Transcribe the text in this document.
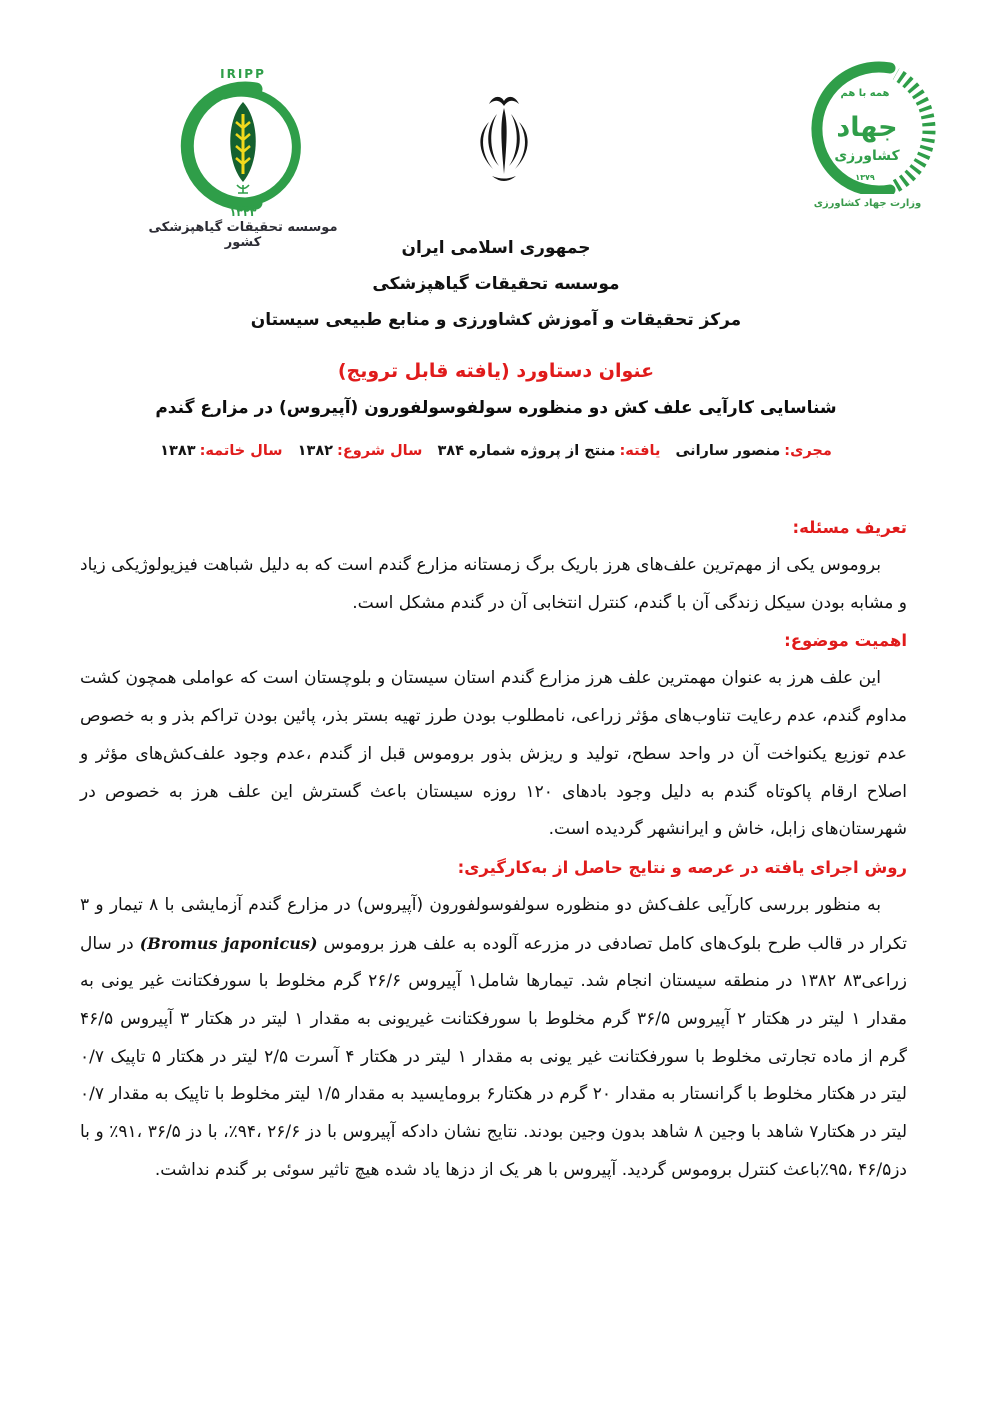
IRIPP
۱۳۲۳
موسسه تحقیقات گیاهپزشکی کشور
همه با هم
جهاد
کشاورزی
۱۳۷۹
وزارت جهاد کشاورزی
جمهوری اسلامی ایران
موسسه تحقیقات گیاهپزشکی
مرکز تحقیقات و آموزش کشاورزی و منابع طبیعی سیستان
عنوان دستاورد (یافته قابل ترویج)
شناسایی کارآیی علف کش دو منظوره سولفوسولفورون (آپیروس) در مزارع گندم
مجری:منصور سارانی یافته:منتج از پروژه شماره ۳۸۴ سال شروع:۱۳۸۲ سال خاتمه:۱۳۸۳
تعریف مسئله:

بروموس یکی از مهم‌ترین علف‌های هرز باریک برگ زمستانه مزارع گندم است که به دلیل شباهت فیزیولوژیکی زیاد و مشابه بودن سیکل زندگی آن با گندم، کنترل انتخابی آن در گندم مشکل است.

اهمیت موضوع:

این علف هرز به عنوان مهمترین علف هرز مزارع گندم استان سیستان و بلوچستان است که عواملی همچون کشت مداوم گندم، عدم رعایت تناوب‌های مؤثر زراعی، نامطلوب بودن طرز تهیه بستر بذر، پائین بودن تراکم بذر و به خصوص عدم توزیع یکنواخت آن در واحد سطح، تولید و ریزش بذور بروموس قبل از گندم ،عدم وجود علف‌کش‌های مؤثر و اصلاح ارقام پاکوتاه گندم به دلیل وجود بادهای ۱۲۰ روزه سیستان باعث گسترش این علف هرز به خصوص در شهرستان‌های زابل، خاش و ایرانشهر گردیده است.

روش اجرای یافته در عرصه و نتایج حاصل از به‌کارگیری:

به منظور بررسی کارآیی علف‌کش دو منظوره سولفوسولفورون (آپیروس) در مزارع گندم آزمایشی با ۸ تیمار و ۳ تکرار در قالب طرح بلوک‌های کامل تصادفی در مزرعه آلوده به علف هرز بروموس (Bromus japonicus) در سال زراعی۸۳ ۱۳۸۲ در منطقه سیستان انجام شد. تیمارها شامل۱ آپیروس ۲۶/۶ گرم مخلوط با سورفکتانت غیر یونی به مقدار ۱ لیتر در هکتار ۲ آپیروس ۳۶/۵ گرم مخلوط با سورفکتانت غیریونی به مقدار ۱ لیتر در هکتار ۳ آپیروس ۴۶/۵ گرم از ماده تجارتی مخلوط با سورفکتانت غیر یونی به مقدار ۱ لیتر در هکتار ۴ آسرت ۲/۵ لیتر در هکتار ۵ تاپیک ۰/۷ لیتر در هکتار مخلوط با گرانستار به مقدار ۲۰ گرم در هکتار۶ برومایسید به مقدار ۱/۵ لیتر مخلوط با تاپیک به مقدار ۰/۷ لیتر در هکتار۷ شاهد با وجین ۸ شاهد بدون وجین بودند. نتایج نشان دادکه آپیروس با دز ۲۶/۶ ،۹۴٪، با دز ۳۶/۵ ،۹۱٪ و با دز۴۶/۵ ،۹۵٪باعث کنترل بروموس گردید. آپیروس با هر یک از دزها یاد شده هیچ تاثیر سوئی بر گندم نداشت.
